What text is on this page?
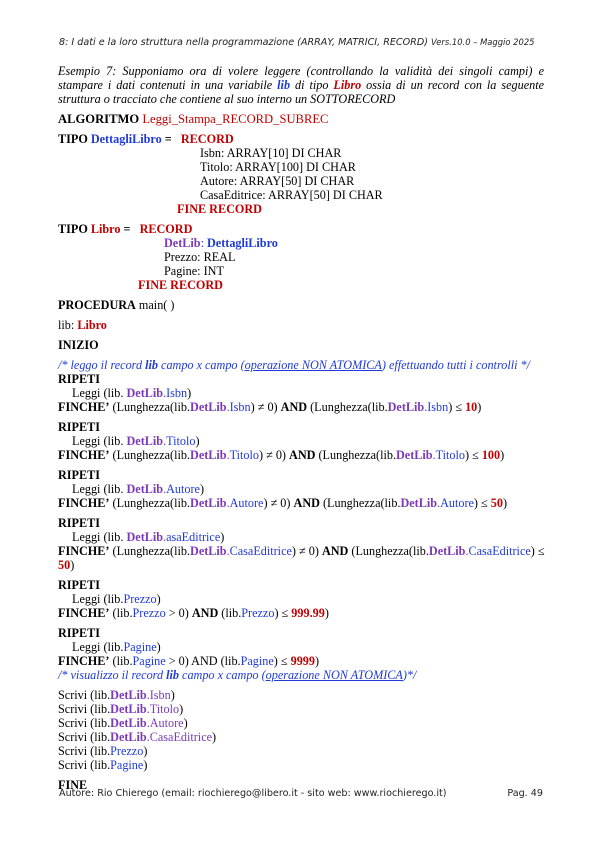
8: I dati e la loro struttura nella programmazione (ARRAY, MATRICI, RECORD) Vers.10.0 – Maggio 2025
Esempio 7: Supponiamo ora di volere leggere (controllando la validità dei singoli campi) e stampare i dati contenuti in una variabile lib di tipo Libro ossia di un record con la seguente struttura o tracciato che contiene al suo interno un SOTTORECORD
ALGORITMO Leggi_Stampa_RECORD_SUBREC
TIPO DettagliLibro = RECORD
Isbn: ARRAY[10] DI CHAR
Titolo: ARRAY[100] DI CHAR
Autore: ARRAY[50] DI CHAR
CasaEditrice: ARRAY[50] DI CHAR
FINE RECORD
TIPO Libro = RECORD
DetLib: DettagliLibro
Prezzo: REAL
Pagine: INT
FINE RECORD
PROCEDURA main( )
lib: Libro
INIZIO
/* leggo il record lib campo x campo (operazione NON ATOMICA) effettuando tutti i controlli */
RIPETI
Leggi (lib. DetLib.Isbn)
FINCHE’ (Lunghezza(lib.DetLib.Isbn) ≠ 0) AND (Lunghezza(lib.DetLib.Isbn) ≤ 10)
RIPETI
Leggi (lib. DetLib.Titolo)
FINCHE’ (Lunghezza(lib.DetLib.Titolo) ≠ 0) AND (Lunghezza(lib.DetLib.Titolo) ≤ 100)
RIPETI
Leggi (lib. DetLib.Autore)
FINCHE’ (Lunghezza(lib.DetLib.Autore) ≠ 0) AND (Lunghezza(lib.DetLib.Autore) ≤ 50)
RIPETI
Leggi (lib. DetLib.asaEditrice)
FINCHE’ (Lunghezza(lib.DetLib.CasaEditrice) ≠ 0) AND (Lunghezza(lib.DetLib.CasaEditrice) ≤
50)
RIPETI
Leggi (lib.Prezzo)
FINCHE’ (lib.Prezzo > 0) AND (lib.Prezzo) ≤ 999.99)
RIPETI
Leggi (lib.Pagine)
FINCHE’ (lib.Pagine > 0) AND (lib.Pagine) ≤ 9999)
/* visualizzo il record lib campo x campo (operazione NON ATOMICA)*/
Scrivi (lib.DetLib.Isbn)
Scrivi (lib.DetLib.Titolo)
Scrivi (lib.DetLib.Autore)
Scrivi (lib.DetLib.CasaEditrice)
Scrivi (lib.Prezzo)
Scrivi (lib.Pagine)
FINE
Autore: Rio Chierego (email: riochierego@libero.it - sito web: www.riochierego.it)	Pag. 49
